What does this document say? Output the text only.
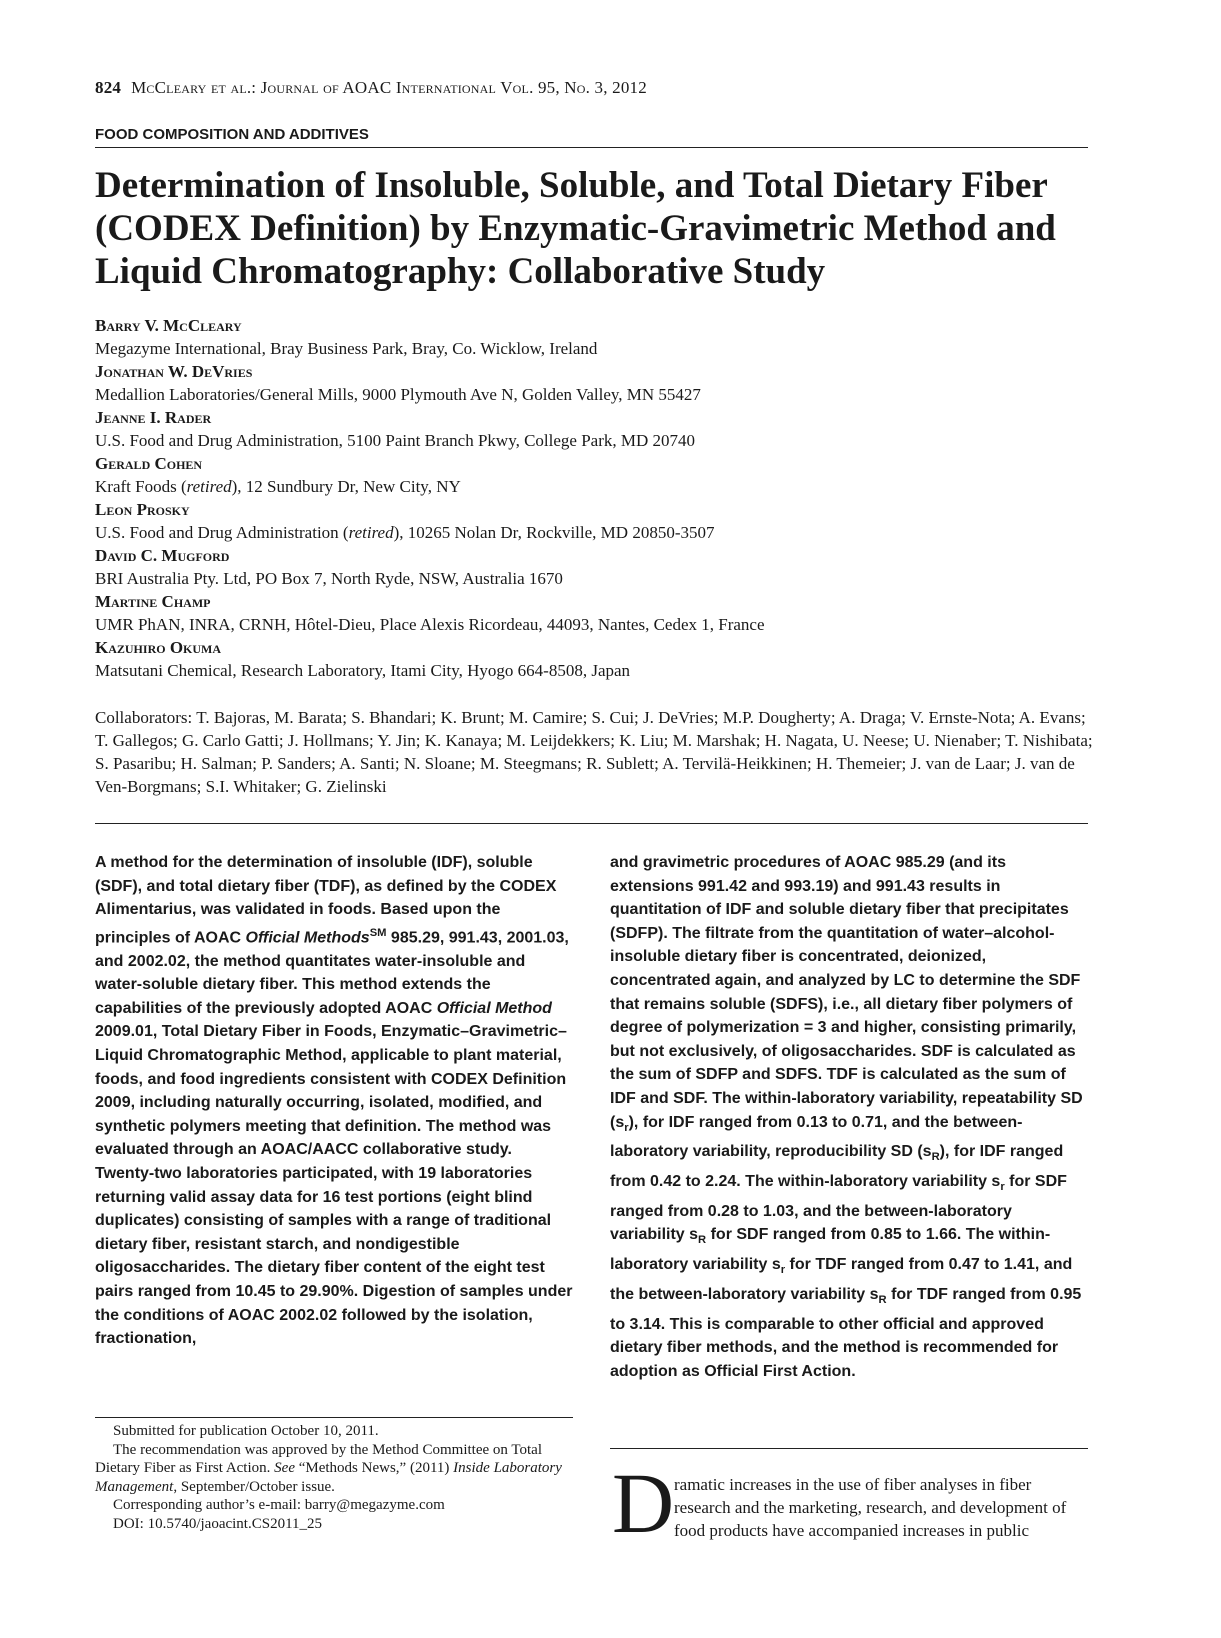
824 McCleary et al.: Journal of AOAC International Vol. 95, No. 3, 2012
FOOD COMPOSITION AND ADDITIVES
Determination of Insoluble, Soluble, and Total Dietary Fiber (CODEX Definition) by Enzymatic-Gravimetric Method and Liquid Chromatography: Collaborative Study
Barry V. McCleary
Megazyme International, Bray Business Park, Bray, Co. Wicklow, Ireland
Jonathan W. DeVries
Medallion Laboratories/General Mills, 9000 Plymouth Ave N, Golden Valley, MN 55427
Jeanne I. Rader
U.S. Food and Drug Administration, 5100 Paint Branch Pkwy, College Park, MD 20740
Gerald Cohen
Kraft Foods (retired), 12 Sundbury Dr, New City, NY
Leon Prosky
U.S. Food and Drug Administration (retired), 10265 Nolan Dr, Rockville, MD 20850-3507
David C. Mugford
BRI Australia Pty. Ltd, PO Box 7, North Ryde, NSW, Australia 1670
Martine Champ
UMR PhAN, INRA, CRNH, Hôtel-Dieu, Place Alexis Ricordeau, 44093, Nantes, Cedex 1, France
Kazuhiro Okuma
Matsutani Chemical, Research Laboratory, Itami City, Hyogo 664-8508, Japan
Collaborators: T. Bajoras, M. Barata; S. Bhandari; K. Brunt; M. Camire; S. Cui; J. DeVries; M.P. Dougherty; A. Draga; V. Ernste-Nota; A. Evans; T. Gallegos; G. Carlo Gatti; J. Hollmans; Y. Jin; K. Kanaya; M. Leijdekkers; K. Liu; M. Marshak; H. Nagata, U. Neese; U. Nienaber; T. Nishibata; S. Pasaribu; H. Salman; P. Sanders; A. Santi; N. Sloane; M. Steegmans; R. Sublett; A. Tervilä-Heikkinen; H. Themeier; J. van de Laar; J. van de Ven-Borgmans; S.I. Whitaker; G. Zielinski
A method for the determination of insoluble (IDF), soluble (SDF), and total dietary fiber (TDF), as defined by the CODEX Alimentarius, was validated in foods. Based upon the principles of AOAC Official Methods℠ 985.29, 991.43, 2001.03, and 2002.02, the method quantitates water-insoluble and water-soluble dietary fiber. This method extends the capabilities of the previously adopted AOAC Official Method 2009.01, Total Dietary Fiber in Foods, Enzymatic–Gravimetric–Liquid Chromatographic Method, applicable to plant material, foods, and food ingredients consistent with CODEX Definition 2009, including naturally occurring, isolated, modified, and synthetic polymers meeting that definition. The method was evaluated through an AOAC/AACC collaborative study. Twenty-two laboratories participated, with 19 laboratories returning valid assay data for 16 test portions (eight blind duplicates) consisting of samples with a range of traditional dietary fiber, resistant starch, and nondigestible oligosaccharides. The dietary fiber content of the eight test pairs ranged from 10.45 to 29.90%. Digestion of samples under the conditions of AOAC 2002.02 followed by the isolation, fractionation,
and gravimetric procedures of AOAC 985.29 (and its extensions 991.42 and 993.19) and 991.43 results in quantitation of IDF and soluble dietary fiber that precipitates (SDFP). The filtrate from the quantitation of water–alcohol-insoluble dietary fiber is concentrated, deionized, concentrated again, and analyzed by LC to determine the SDF that remains soluble (SDFS), i.e., all dietary fiber polymers of degree of polymerization = 3 and higher, consisting primarily, but not exclusively, of oligosaccharides. SDF is calculated as the sum of SDFP and SDFS. TDF is calculated as the sum of IDF and SDF. The within-laboratory variability, repeatability SD $(s_r)$, for IDF ranged from 0.13 to 0.71, and the between-laboratory variability, reproducibility SD $(s_R)$, for IDF ranged from 0.42 to 2.24. The within-laboratory variability $s_r$ for SDF ranged from 0.28 to 1.03, and the between-laboratory variability $s_R$ for SDF ranged from 0.85 to 1.66. The within-laboratory variability $s_r$ for TDF ranged from 0.47 to 1.41, and the between-laboratory variability $s_R$ for TDF ranged from 0.95 to 3.14. This is comparable to other official and approved dietary fiber methods, and the method is recommended for adoption as Official First Action.
Submitted for publication October 10, 2011.
The recommendation was approved by the Method Committee on Total Dietary Fiber as First Action. See “Methods News,” (2011) Inside Laboratory Management, September/October issue.
Corresponding author’s e-mail: barry@megazyme.com
DOI: 10.5740/jaoacint.CS2011_25	D ramatic increases in the use of fiber analyses in fiber research and the marketing, research, and development of food products have accompanied increases in public
